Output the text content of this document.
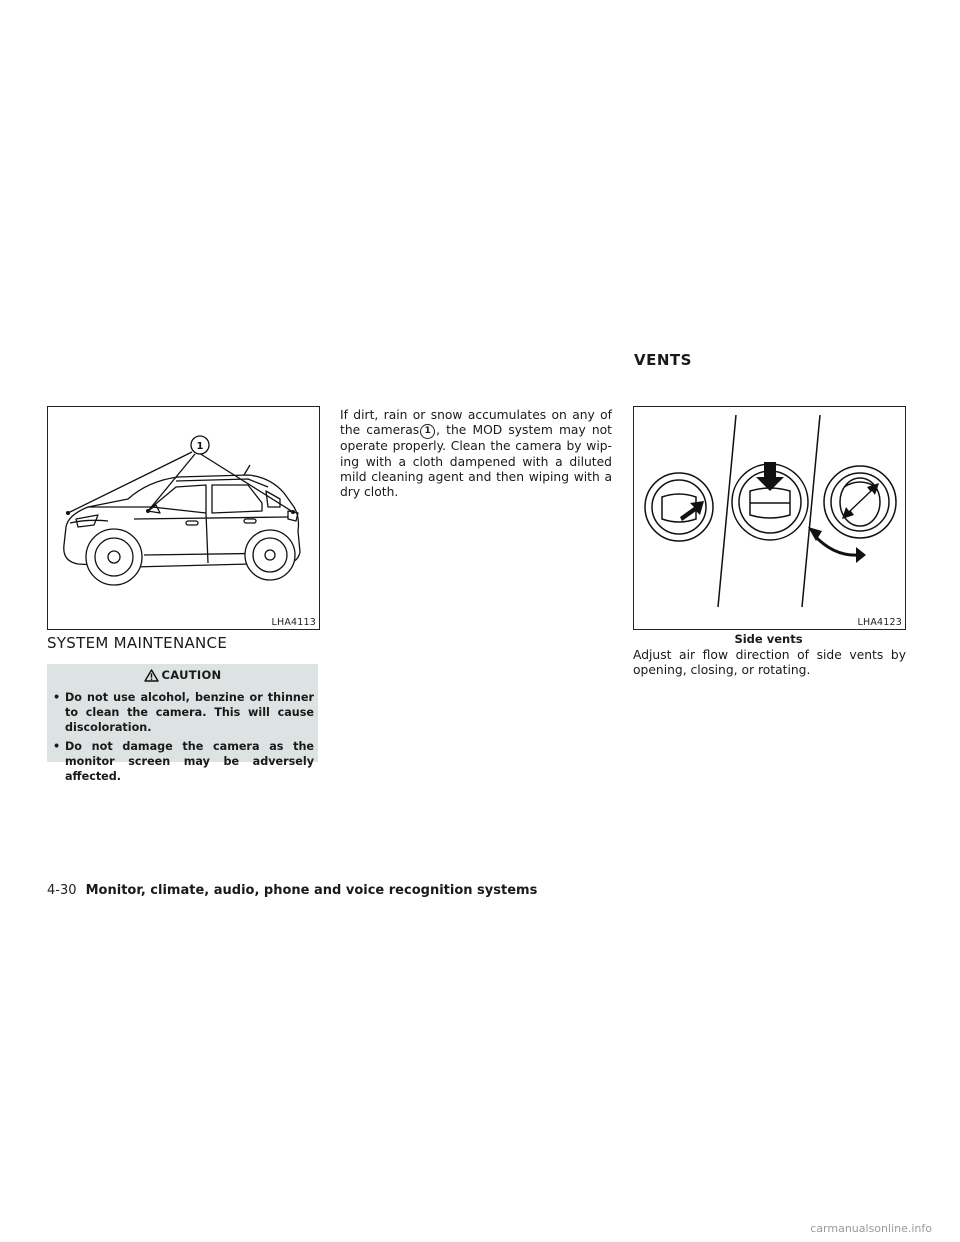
1
LHA4113
SYSTEM MAINTENANCE
CAUTION
• Do not use alcohol, benzine or thinner to clean the camera. This will cause discoloration.
• Do not damage the camera as the monitor screen may be adversely affected.
If dirt, rain or snow accumulates on any of the cameras 1 , the MOD system may not operate properly. Clean the camera by wip-ing with a cloth dampened with a diluted mild cleaning agent and then wiping with a dry cloth.
VENTS
LHA4123
Side vents
Adjust air flow direction of side vents by opening, closing, or rotating.
4-30 Monitor, climate, audio, phone and voice recognition systems
carmanualsonline.info
